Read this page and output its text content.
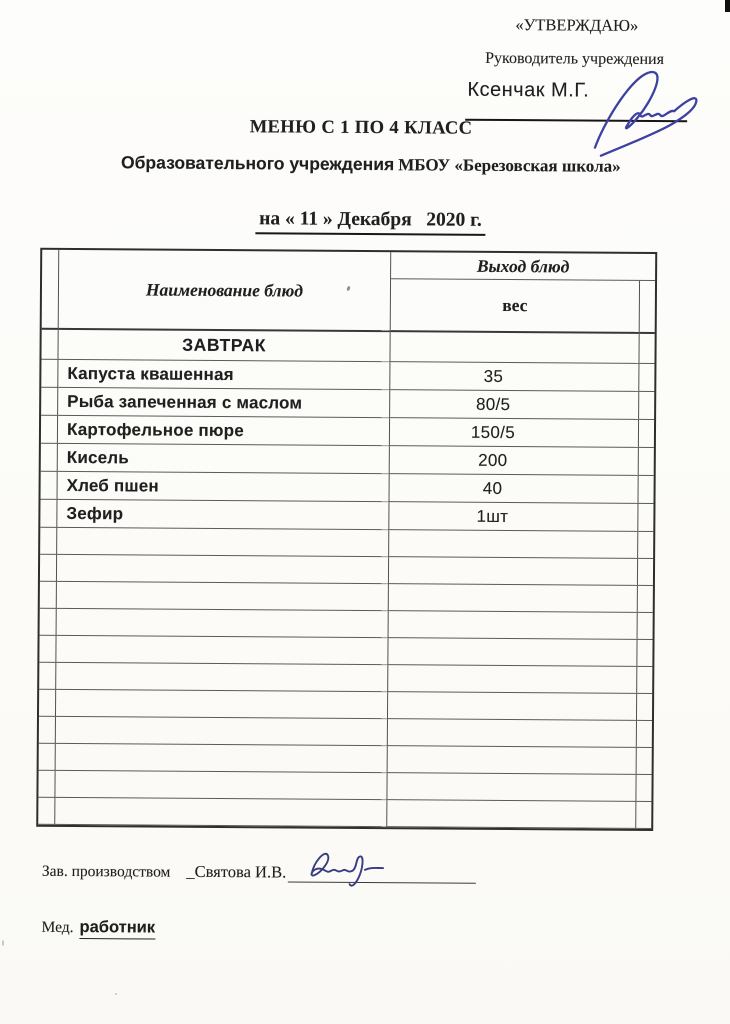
«УТВЕРЖДАЮ»
Руководитель учреждения
Ксенчак М.Г.
МЕНЮ С 1 ПО 4 КЛАСС
Образовательного учреждения МБОУ «Березовская школа»
на « 11 » Декабря   2020 г.
Наименование блюд
Выход блюд
вес
ЗАВТРАК
Капуста квашенная	35
Рыба запеченная с маслом	80/5
Картофельное пюре	150/5
Кисель	200
Хлеб пшен	40
Зефир	1шт
Зав. производством _Святова И.В.
Мед. работник
